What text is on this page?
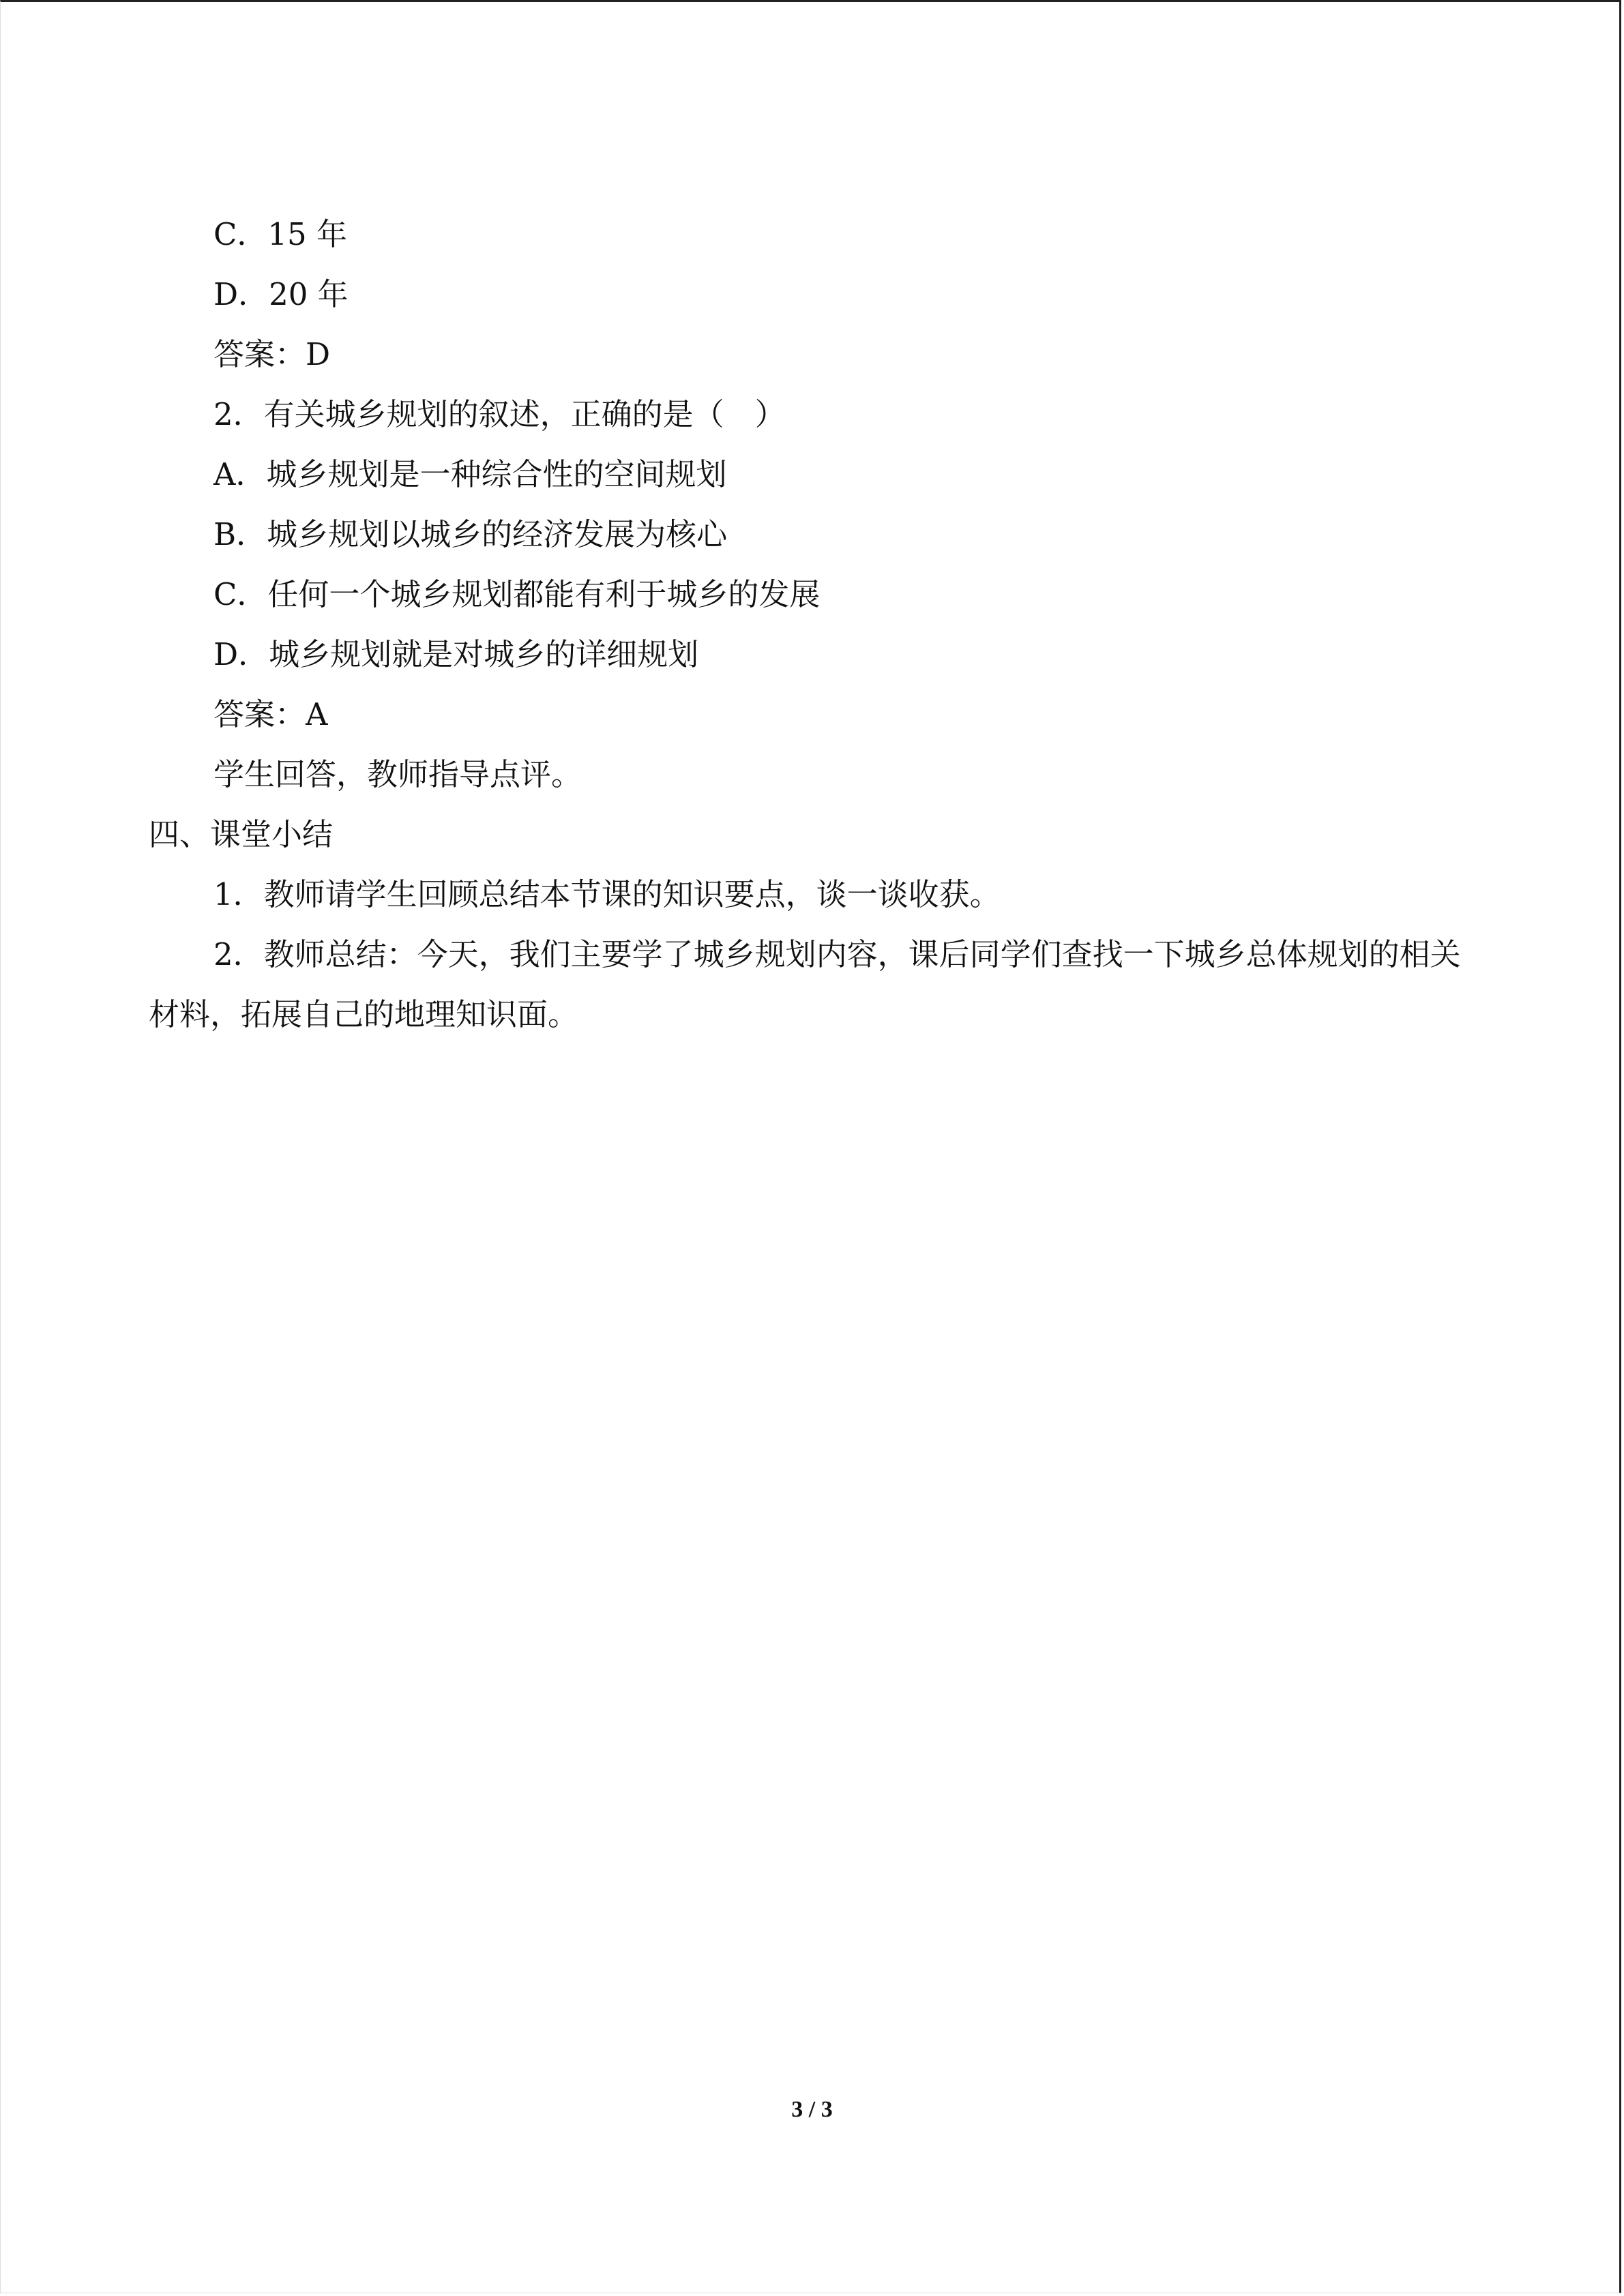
C．15 年
D．20 年
答案：D
2．有关城乡规划的叙述，正确的是（　）
A．城乡规划是一种综合性的空间规划
B．城乡规划以城乡的经济发展为核心
C．任何一个城乡规划都能有利于城乡的发展
D．城乡规划就是对城乡的详细规划
答案：A
学生回答，教师指导点评。
四、课堂小结
1．教师请学生回顾总结本节课的知识要点，谈一谈收获。
2．教师总结：今天，我们主要学了城乡规划内容，课后同学们查找一下城乡总体规划的相关材料，拓展自己的地理知识面。
3 / 3
